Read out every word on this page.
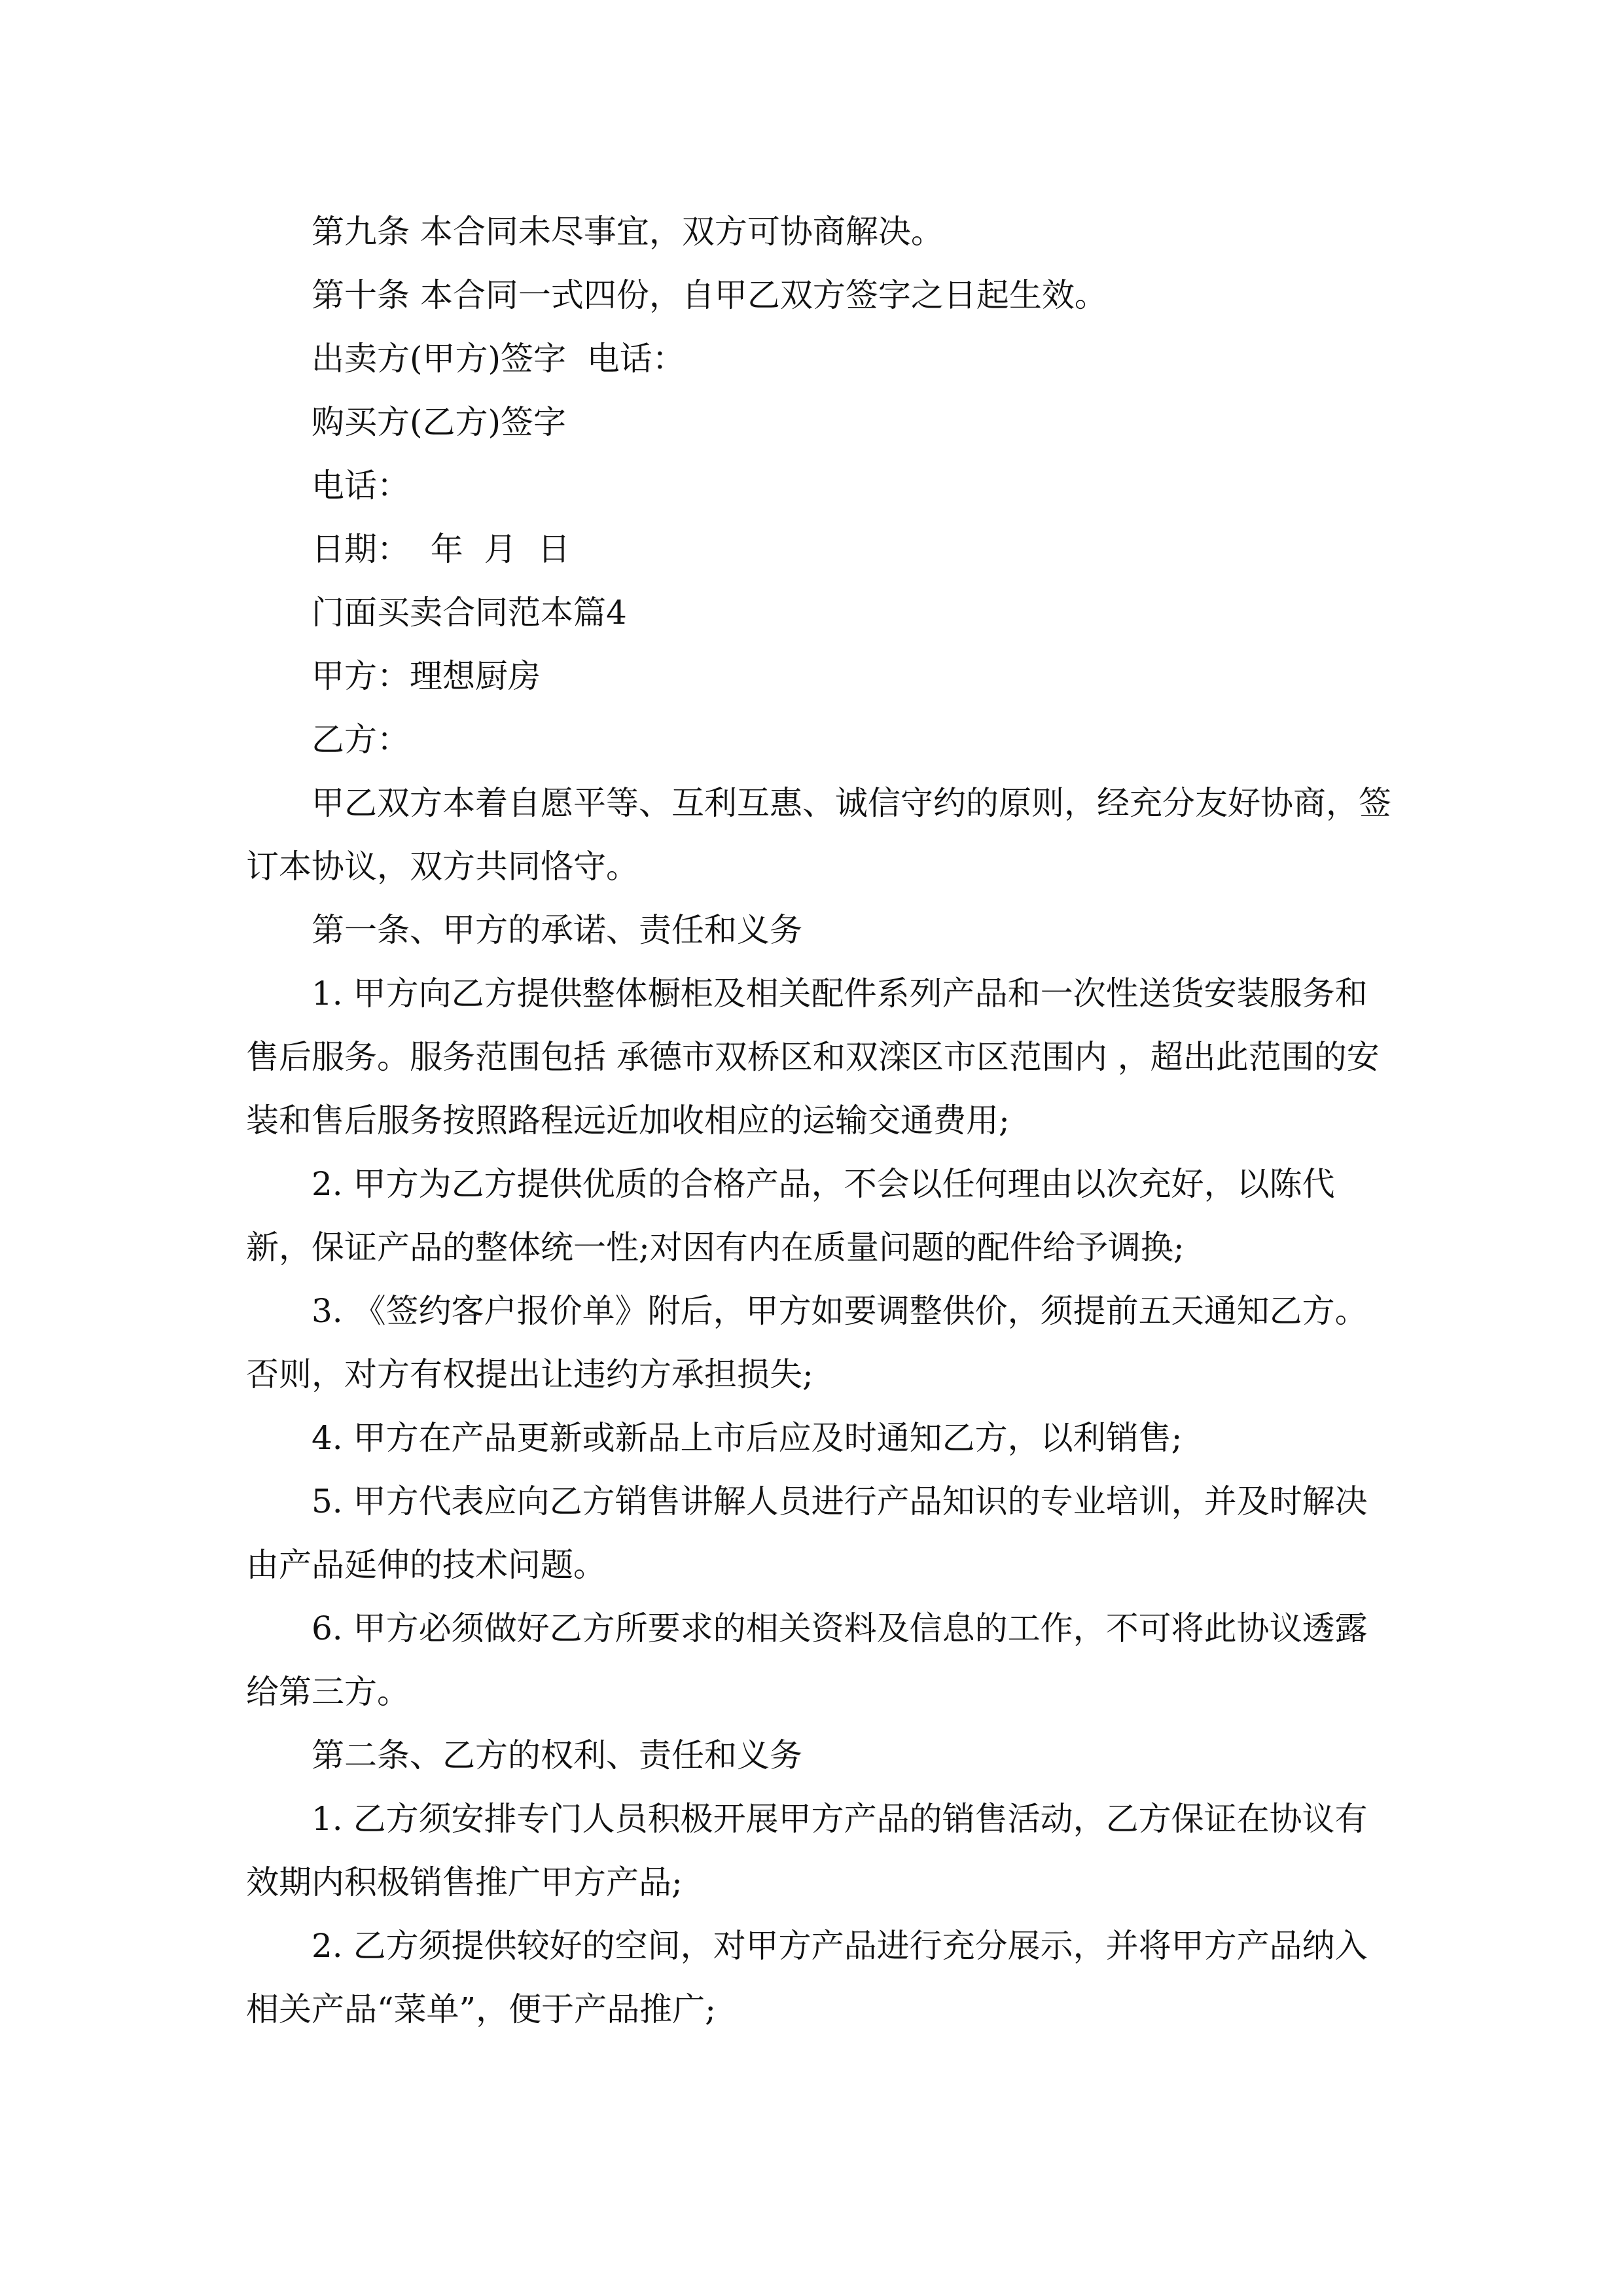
第九条 本合同未尽事宜，双方可协商解决。

第十条 本合同一式四份，自甲乙双方签字之日起生效。

出卖方(甲方)签字  电话：

购买方(乙方)签字

电话：

日期：  年  月  日

门面买卖合同范本篇4

甲方：理想厨房

乙方：

甲乙双方本着自愿平等、互利互惠、诚信守约的原则，经充分友好协商，签订本协议，双方共同恪守。

第一条、甲方的承诺、责任和义务

1. 甲方向乙方提供整体橱柜及相关配件系列产品和一次性送货安装服务和售后服务。服务范围包括 承德市双桥区和双滦区市区范围内 ，超出此范围的安装和售后服务按照路程远近加收相应的运输交通费用;

2. 甲方为乙方提供优质的合格产品，不会以任何理由以次充好，以陈代新，保证产品的整体统一性;对因有内在质量问题的配件给予调换;

3. 《签约客户报价单》附后，甲方如要调整供价，须提前五天通知乙方。否则，对方有权提出让违约方承担损失;

4. 甲方在产品更新或新品上市后应及时通知乙方，以利销售;

5. 甲方代表应向乙方销售讲解人员进行产品知识的专业培训，并及时解决由产品延伸的技术问题。

6. 甲方必须做好乙方所要求的相关资料及信息的工作，不可将此协议透露给第三方。

第二条、乙方的权利、责任和义务

1. 乙方须安排专门人员积极开展甲方产品的销售活动，乙方保证在协议有效期内积极销售推广甲方产品;

2. 乙方须提供较好的空间，对甲方产品进行充分展示，并将甲方产品纳入相关产品“菜单”，便于产品推广;
